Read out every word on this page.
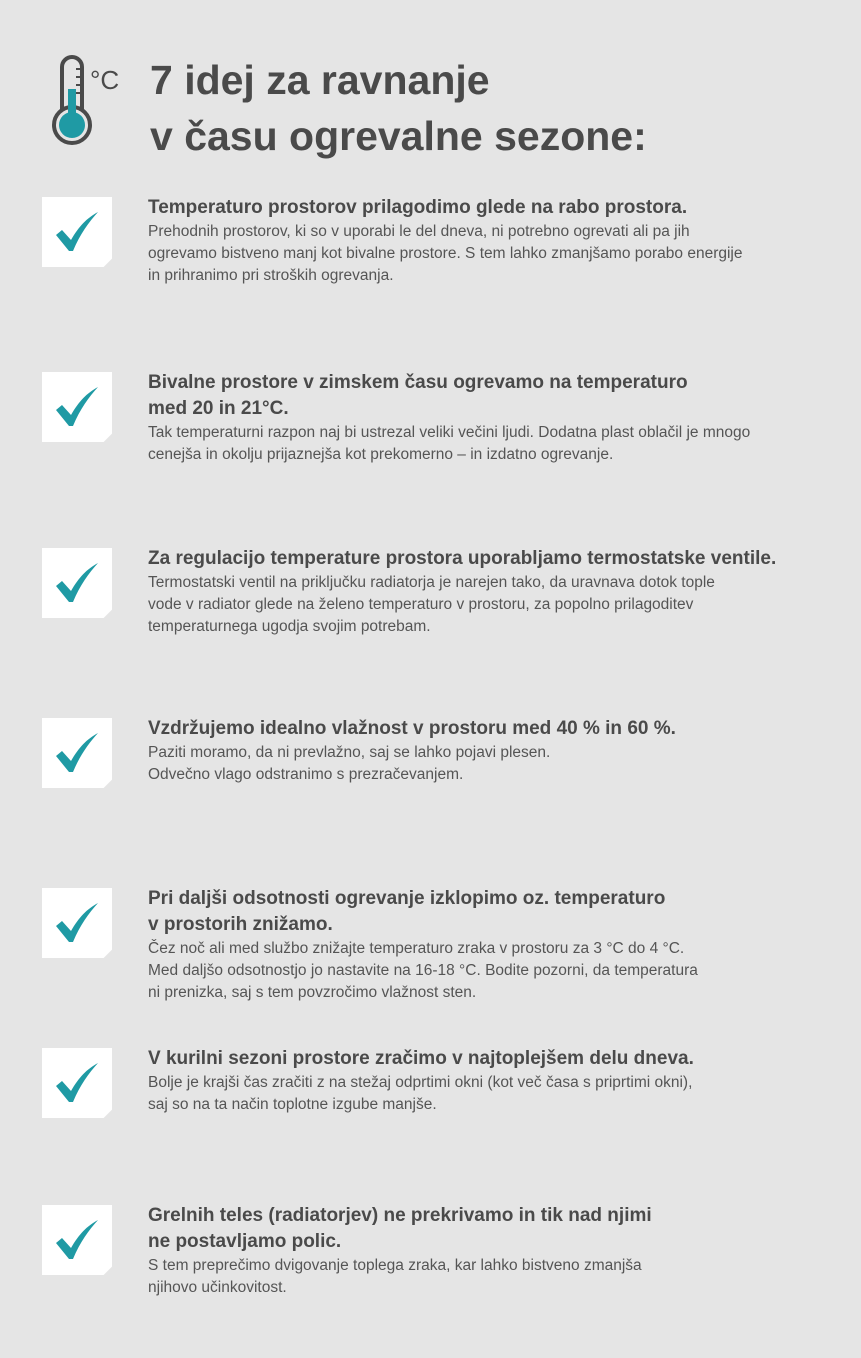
°C 7 idej za ravnanje
v času ogrevalne sezone:
Temperaturo prostorov prilagodimo glede na rabo prostora.

Prehodnih prostorov, ki so v uporabi le del dneva, ni potrebno ogrevati ali pa jih
ogrevamo bistveno manj kot bivalne prostore. S tem lahko zmanjšamo porabo energije
in prihranimo pri stroških ogrevanja.

Bivalne prostore v zimskem času ogrevamo na temperaturo
med 20 in 21°C.

Tak temperaturni razpon naj bi ustrezal veliki večini ljudi. Dodatna plast oblačil je mnogo
cenejša in okolju prijaznejša kot prekomerno – in izdatno ogrevanje.

Za regulacijo temperature prostora uporabljamo termostatske ventile.

Termostatski ventil na priključku radiatorja je narejen tako, da uravnava dotok tople
vode v radiator glede na želeno temperaturo v prostoru, za popolno prilagoditev
temperaturnega ugodja svojim potrebam.

Vzdržujemo idealno vlažnost v prostoru med 40 % in 60 %.

Paziti moramo, da ni prevlažno, saj se lahko pojavi plesen.
Odvečno vlago odstranimo s prezračevanjem.

Pri daljši odsotnosti ogrevanje izklopimo oz. temperaturo
v prostorih znižamo.

Čez noč ali med službo znižajte temperaturo zraka v prostoru za 3 °C do 4 °C.
Med daljšo odsotnostjo jo nastavite na 16-18 °C. Bodite pozorni, da temperatura
ni prenizka, saj s tem povzročimo vlažnost sten.

V kurilni sezoni prostore zračimo v najtoplejšem delu dneva.

Bolje je krajši čas zračiti z na stežaj odprtimi okni (kot več časa s priprtimi okni),
saj so na ta način toplotne izgube manjše.

Grelnih teles (radiatorjev) ne prekrivamo in tik nad njimi
ne postavljamo polic.

S tem preprečimo dvigovanje toplega zraka, kar lahko bistveno zmanjša
njihovo učinkovitost.
